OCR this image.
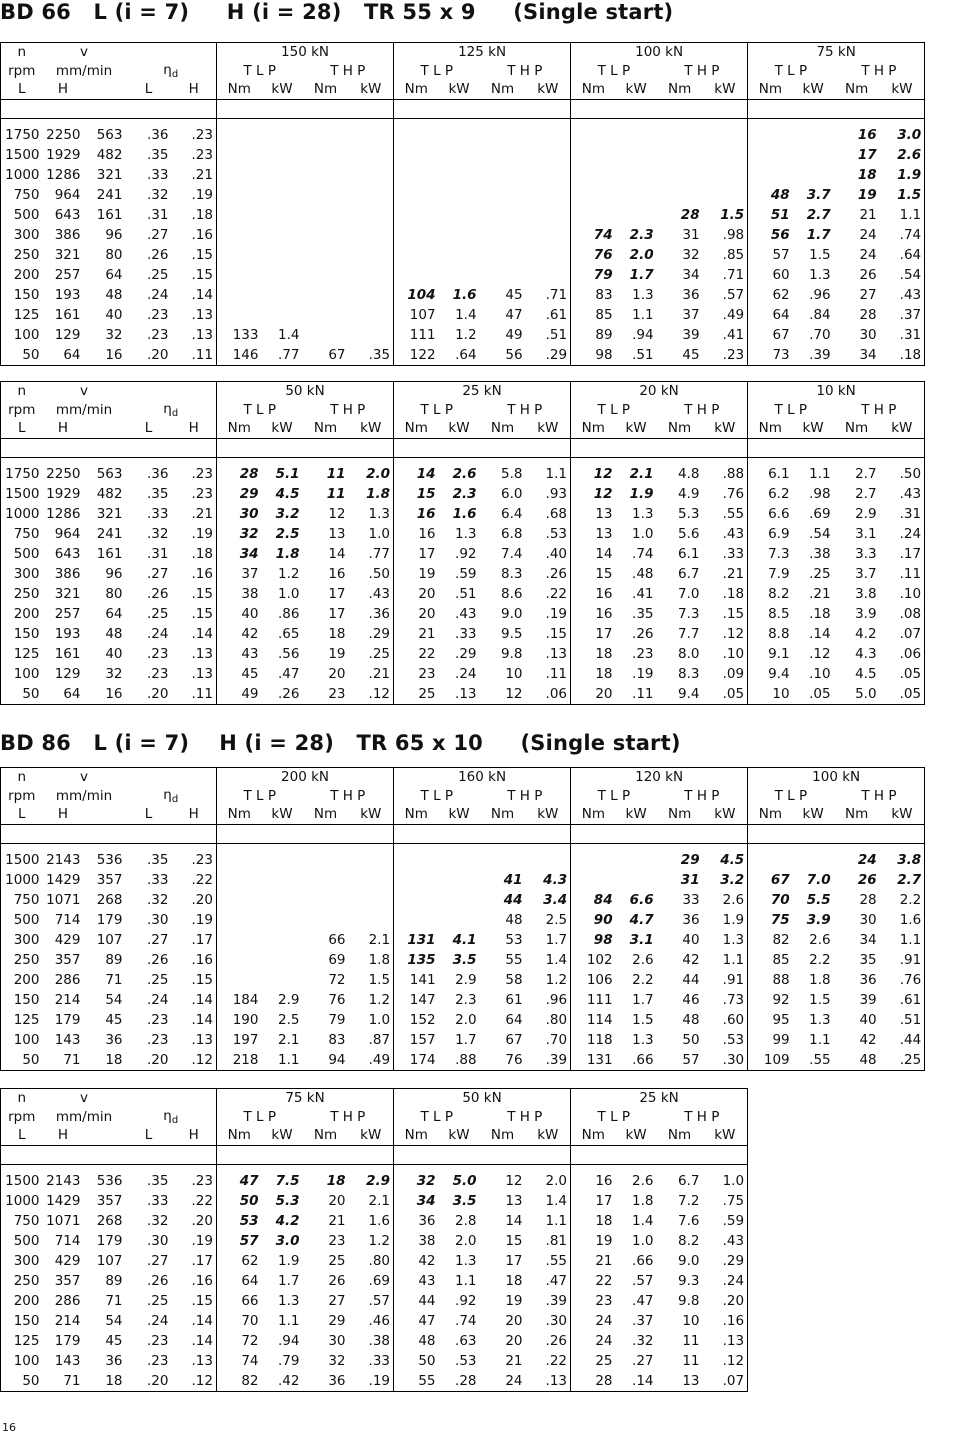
BD 66   L (i = 7)     H (i = 28)   TR 55 x 9     (Single start)
n	v				150 kN				125 kN				100 kN				75 kN			
rpm	mm/min		$\eta_d$		T L P		T H P		T L P		T H P		T L P		T H P		T L P		T H P	
L	H		L	H	Nm	kW	Nm	kW	Nm	kW	Nm	kW	Nm	kW	Nm	kW	Nm	kW	Nm	kW

1750	2250	563	.36	.23															16	3.0
1500	1929	482	.35	.23															17	2.6
1000	1286	321	.33	.21															18	1.9
750	964	241	.32	.19													48	3.7	19	1.5
500	643	161	.31	.18											28	1.5	51	2.7	21	1.1
300	386	96	.27	.16									74	2.3	31	.98	56	1.7	24	.74
250	321	80	.26	.15									76	2.0	32	.85	57	1.5	24	.64
200	257	64	.25	.15									79	1.7	34	.71	60	1.3	26	.54
150	193	48	.24	.14					104	1.6	45	.71	83	1.3	36	.57	62	.96	27	.43
125	161	40	.23	.13					107	1.4	47	.61	85	1.1	37	.49	64	.84	28	.37
100	129	32	.23	.13	133	1.4			111	1.2	49	.51	89	.94	39	.41	67	.70	30	.31
50	64	16	.20	.11	146	.77	67	.35	122	.64	56	.29	98	.51	45	.23	73	.39	34	.18
n	v				50 kN				25 kN				20 kN				10 kN			
rpm	mm/min		$\eta_d$		T L P		T H P		T L P		T H P		T L P		T H P		T L P		T H P	
L	H		L	H	Nm	kW	Nm	kW	Nm	kW	Nm	kW	Nm	kW	Nm	kW	Nm	kW	Nm	kW

1750	2250	563	.36	.23	28	5.1	11	2.0	14	2.6	5.8	1.1	12	2.1	4.8	.88	6.1	1.1	2.7	.50
1500	1929	482	.35	.23	29	4.5	11	1.8	15	2.3	6.0	.93	12	1.9	4.9	.76	6.2	.98	2.7	.43
1000	1286	321	.33	.21	30	3.2	12	1.3	16	1.6	6.4	.68	13	1.3	5.3	.55	6.6	.69	2.9	.31
750	964	241	.32	.19	32	2.5	13	1.0	16	1.3	6.8	.53	13	1.0	5.6	.43	6.9	.54	3.1	.24
500	643	161	.31	.18	34	1.8	14	.77	17	.92	7.4	.40	14	.74	6.1	.33	7.3	.38	3.3	.17
300	386	96	.27	.16	37	1.2	16	.50	19	.59	8.3	.26	15	.48	6.7	.21	7.9	.25	3.7	.11
250	321	80	.26	.15	38	1.0	17	.43	20	.51	8.6	.22	16	.41	7.0	.18	8.2	.21	3.8	.10
200	257	64	.25	.15	40	.86	17	.36	20	.43	9.0	.19	16	.35	7.3	.15	8.5	.18	3.9	.08
150	193	48	.24	.14	42	.65	18	.29	21	.33	9.5	.15	17	.26	7.7	.12	8.8	.14	4.2	.07
125	161	40	.23	.13	43	.56	19	.25	22	.29	9.8	.13	18	.23	8.0	.10	9.1	.12	4.3	.06
100	129	32	.23	.13	45	.47	20	.21	23	.24	10	.11	18	.19	8.3	.09	9.4	.10	4.5	.05
50	64	16	.20	.11	49	.26	23	.12	25	.13	12	.06	20	.11	9.4	.05	10	.05	5.0	.05
BD 86   L (i = 7)    H (i = 28)   TR 65 x 10     (Single start)
n	v				200 kN				160 kN				120 kN				100 kN			
rpm	mm/min		$\eta_d$		T L P		T H P		T L P		T H P		T L P		T H P		T L P		T H P	
L	H		L	H	Nm	kW	Nm	kW	Nm	kW	Nm	kW	Nm	kW	Nm	kW	Nm	kW	Nm	kW

1500	2143	536	.35	.23											29	4.5			24	3.8
1000	1429	357	.33	.22							41	4.3			31	3.2	67	7.0	26	2.7
750	1071	268	.32	.20							44	3.4	84	6.6	33	2.6	70	5.5	28	2.2
500	714	179	.30	.19							48	2.5	90	4.7	36	1.9	75	3.9	30	1.6
300	429	107	.27	.17			66	2.1	131	4.1	53	1.7	98	3.1	40	1.3	82	2.6	34	1.1
250	357	89	.26	.16			69	1.8	135	3.5	55	1.4	102	2.6	42	1.1	85	2.2	35	.91
200	286	71	.25	.15			72	1.5	141	2.9	58	1.2	106	2.2	44	.91	88	1.8	36	.76
150	214	54	.24	.14	184	2.9	76	1.2	147	2.3	61	.96	111	1.7	46	.73	92	1.5	39	.61
125	179	45	.23	.14	190	2.5	79	1.0	152	2.0	64	.80	114	1.5	48	.60	95	1.3	40	.51
100	143	36	.23	.13	197	2.1	83	.87	157	1.7	67	.70	118	1.3	50	.53	99	1.1	42	.44
50	71	18	.20	.12	218	1.1	94	.49	174	.88	76	.39	131	.66	57	.30	109	.55	48	.25
n	v				75 kN				50 kN				25 kN			
rpm	mm/min		$\eta_d$		T L P		T H P		T L P		T H P		T L P		T H P	
L	H		L	H	Nm	kW	Nm	kW	Nm	kW	Nm	kW	Nm	kW	Nm	kW

1500	2143	536	.35	.23	47	7.5	18	2.9	32	5.0	12	2.0	16	2.6	6.7	1.0
1000	1429	357	.33	.22	50	5.3	20	2.1	34	3.5	13	1.4	17	1.8	7.2	.75
750	1071	268	.32	.20	53	4.2	21	1.6	36	2.8	14	1.1	18	1.4	7.6	.59
500	714	179	.30	.19	57	3.0	23	1.2	38	2.0	15	.81	19	1.0	8.2	.43
300	429	107	.27	.17	62	1.9	25	.80	42	1.3	17	.55	21	.66	9.0	.29
250	357	89	.26	.16	64	1.7	26	.69	43	1.1	18	.47	22	.57	9.3	.24
200	286	71	.25	.15	66	1.3	27	.57	44	.92	19	.39	23	.47	9.8	.20
150	214	54	.24	.14	70	1.1	29	.46	47	.74	20	.30	24	.37	10	.16
125	179	45	.23	.14	72	.94	30	.38	48	.63	20	.26	24	.32	11	.13
100	143	36	.23	.13	74	.79	32	.33	50	.53	21	.22	25	.27	11	.12
50	71	18	.20	.12	82	.42	36	.19	55	.28	24	.13	28	.14	13	.07
16
